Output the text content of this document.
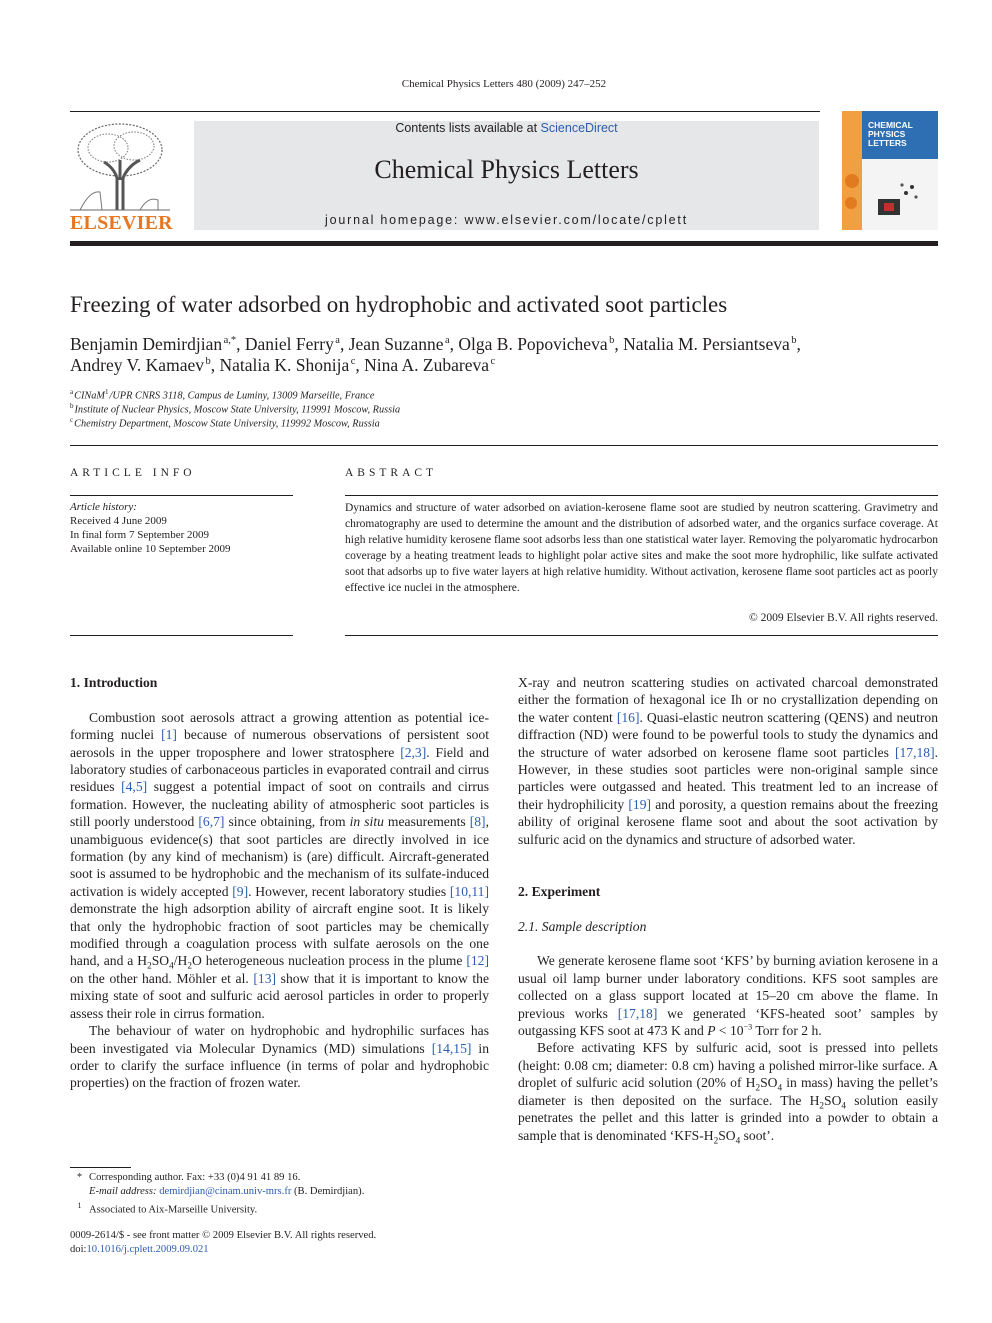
Chemical Physics Letters 480 (2009) 247–252
ELSEVIER
Contents lists available at ScienceDirect
Chemical Physics Letters
journal homepage: www.elsevier.com/locate/cplett
CHEMICAL
PHYSICS
LETTERS
Freezing of water adsorbed on hydrophobic and activated soot particles
Benjamin Demirdjian $^{a,*}$, Daniel Ferry $^a$, Jean Suzanne $^a$, Olga B. Popovicheva $^b$, Natalia M. Persiantseva $^b$,
Andrey V. Kamaev $^b$, Natalia K. Shonija $^c$, Nina A. Zubareva $^c$
$^a$CINaM$^1$/UPR CNRS 3118, Campus de Luminy, 13009 Marseille, France
$^b$Institute of Nuclear Physics, Moscow State University, 119991 Moscow, Russia
$^c$Chemistry Department, Moscow State University, 119992 Moscow, Russia
ARTICLE INFO	ABSTRACT
Article history:
Received 4 June 2009
In final form 7 September 2009
Available online 10 September 2009
Dynamics and structure of water adsorbed on aviation-kerosene flame soot are studied by neutron scattering. Gravimetry and chromatography are used to determine the amount and the distribution of adsorbed water, and the organics surface coverage. At high relative humidity kerosene flame soot adsorbs less than one statistical water layer. Removing the polyaromatic hydrocarbon coverage by a heating treatment leads to highlight polar active sites and make the soot more hydrophilic, like sulfate activated soot that adsorbs up to five water layers at high relative humidity. Without activation, kerosene flame soot particles act as poorly effective ice nuclei in the atmosphere.
© 2009 Elsevier B.V. All rights reserved.
1. Introduction

Combustion soot aerosols attract a growing attention as potential ice-forming nuclei [1] because of numerous observations of persistent soot aerosols in the upper troposphere and lower stratosphere [2,3]. Field and laboratory studies of carbonaceous particles in evaporated contrail and cirrus residues [4,5] suggest a potential impact of soot on contrails and cirrus formation. However, the nucleating ability of atmospheric soot particles is still poorly understood [6,7] since obtaining, from in situ measurements [8], unambiguous evidence(s) that soot particles are directly involved in ice formation (by any kind of mechanism) is (are) difficult. Aircraft-generated soot is assumed to be hydrophobic and the mechanism of its sulfate-induced activation is widely accepted [9]. However, recent laboratory studies [10,11] demonstrate the high adsorption ability of aircraft engine soot. It is likely that only the hydrophobic fraction of soot particles may be chemically modified through a coagulation process with sulfate aerosols on the one hand, and a $H_2SO_4/H_2O$ heterogeneous nucleation process in the plume [12] on the other hand. Möhler et al. [13] show that it is important to know the mixing state of soot and sulfuric acid aerosol particles in order to properly assess their role in cirrus formation.

The behaviour of water on hydrophobic and hydrophilic surfaces has been investigated via Molecular Dynamics (MD) simulations [14,15] in order to clarify the surface influence (in terms of polar and hydrophobic properties) on the fraction of frozen water.

X-ray and neutron scattering studies on activated charcoal demonstrated either the formation of hexagonal ice Ih or no crystallization depending on the water content [16]. Quasi-elastic neutron scattering (QENS) and neutron diffraction (ND) were found to be powerful tools to study the dynamics and the structure of water adsorbed on kerosene flame soot particles [17,18]. However, in these studies soot particles were non-original sample since particles were outgassed and heated. This treatment led to an increase of their hydrophilicity [19] and porosity, a question remains about the freezing ability of original kerosene flame soot and about the soot activation by sulfuric acid on the dynamics and structure of adsorbed water.

2. Experiment
2.1. Sample description

We generate kerosene flame soot ‘KFS’ by burning aviation kerosene in a usual oil lamp burner under laboratory conditions. KFS soot samples are collected on a glass support located at 15–20 cm above the flame. In previous works [17,18] we generated ‘KFS-heated soot’ samples by outgassing KFS soot at 473 K and $P < 10^{-3}$ Torr for 2 h.

Before activating KFS by sulfuric acid, soot is pressed into pellets (height: 0.08 cm; diameter: 0.8 cm) having a polished mirror-like surface. A droplet of sulfuric acid solution (20% of $H_2SO_4$ in mass) having the pellet’s diameter is then deposited on the surface. The $H_2SO_4$ solution easily penetrates the pellet and this latter is grinded into a powder to obtain a sample that is denominated ‘$KFS-H_2SO_4$ soot’.

* Corresponding author. Fax: +33 (0)4 91 41 89 16.
E-mail address: demirdjian@cinam.univ-mrs.fr (B. Demirdjian).
1 Associated to Aix-Marseille University.
0009-2614/$ - see front matter © 2009 Elsevier B.V. All rights reserved.
doi:10.1016/j.cplett.2009.09.021
